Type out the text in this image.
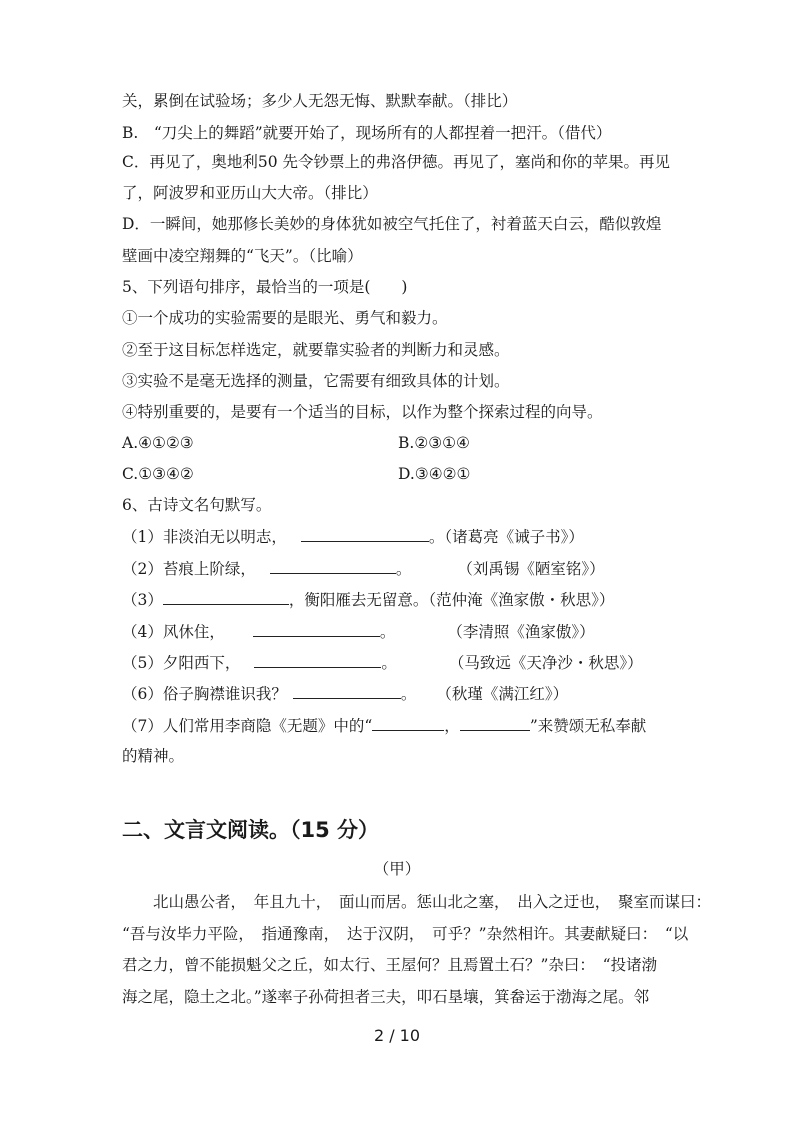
关，累倒在试验场；多少人无怨无悔、默默奉献。（排比）
B.　“刀尖上的舞蹈”就要开始了，现场所有的人都捏着一把汗。（借代）
C．再见了，奥地利50 先令钞票上的弗洛伊德。再见了，塞尚和你的苹果。再见
了，阿波罗和亚历山大大帝。（排比）
D．一瞬间，她那修长美妙的身体犹如被空气托住了，衬着蓝天白云，酷似敦煌
壁画中凌空翔舞的“飞天”。（比喻）
5、下列语句排序，最恰当的一项是(　　)
①一个成功的实验需要的是眼光、勇气和毅力。
②至于这目标怎样选定，就要靠实验者的判断力和灵感。
③实验不是毫无选择的测量，它需要有细致具体的计划。
④特别重要的，是要有一个适当的目标，以作为整个探索过程的向导。
A.④①②③	B.②③①④
C.①③④②	D.③④②①
6、古诗文名句默写。
（1）非淡泊无以明志，	。（诸葛亮《诫子书》）
（2）苔痕上阶绿，	。	（刘禹锡《陋室铭》）
（3）	，衡阳雁去无留意。（范仲淹《渔家傲・秋思》）
（4）风休住，	。	（李清照《渔家傲》）
（5）夕阳西下，	。	（马致远《天净沙・秋思》）
（6）俗子胸襟谁识我？	。 （秋瑾《满江红》）
（7）人们常用李商隐《无题》中的“	，	”来赞颂无私奉献
的精神。
二、文言文阅读。（15 分）
（甲）
　　北山愚公者，　年且九十，　面山而居。惩山北之塞，　出入之迂也，　聚室而谋曰：
“吾与汝毕力平险，　指通豫南，　达于汉阴，　可乎？”杂然相许。其妻献疑曰：　“以
君之力，曾不能损魁父之丘，如太行、王屋何？且焉置土石？”杂曰：　“投诸渤
海之尾，隐土之北。”遂率子孙荷担者三夫，叩石垦壤，箕畚运于渤海之尾。邻
2 / 10
